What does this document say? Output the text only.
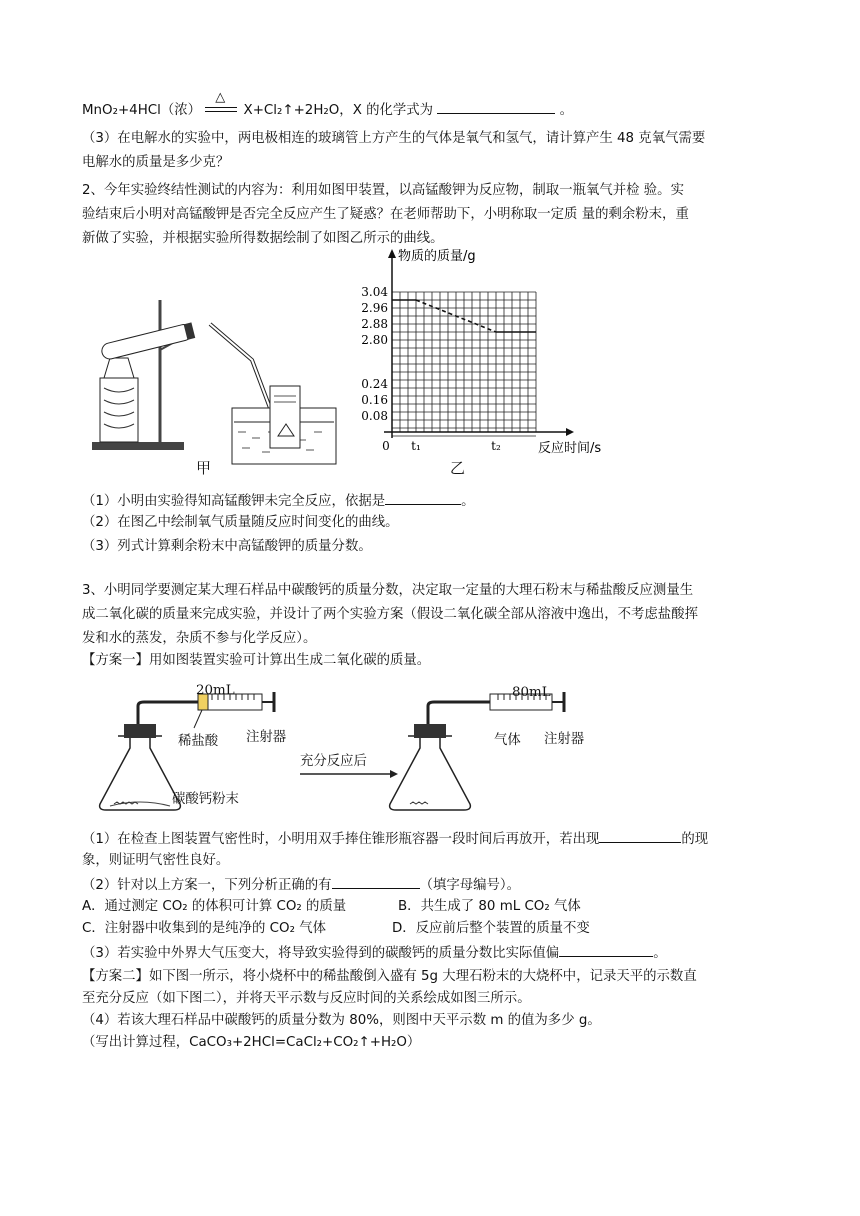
MnO₂+4HCl（浓）
△
X+Cl₂↑+2H₂O，X 的化学式为	。
（3）在电解水的实验中，两电极相连的玻璃管上方产生的气体是氧气和氢气，请计算产生 48 克氧气需要
电解水的质量是多少克？
2、今年实验终结性测试的内容为：利用如图甲装置，以高锰酸钾为反应物，制取一瓶氧气并检 验。实
验结束后小明对高锰酸钾是否完全反应产生了疑惑？在老师帮助下，小明称取一定质 量的剩余粉末，重
新做了实验，并根据实验所得数据绘制了如图乙所示的曲线。
甲
3.04
2.96
2.88
2.80
0.24
0.16
0.08
0 t₁	t₂
物质的质量/g
反应时间/s
乙
（1）小明由实验得知高锰酸钾未完全反应，依据是	。
（2）在图乙中绘制氧气质量随反应时间变化的曲线。
（3）列式计算剩余粉末中高锰酸钾的质量分数。
3、小明同学要测定某大理石样品中碳酸钙的质量分数，决定取一定量的大理石粉末与稀盐酸反应测量生
成二氧化碳的质量来完成实验，并设计了两个实验方案（假设二氧化碳全部从溶液中逸出，不考虑盐酸挥
发和水的蒸发，杂质不参与化学反应）。
【方案一】用如图装置实验可计算出生成二氧化碳的质量。
20mL
稀盐酸 注射器
碳酸钙粉末
充分反应后
80mL
气体 注射器
（1）在检查上图装置气密性时，小明用双手捧住锥形瓶容器一段时间后再放开，若出现	的现
象，则证明气密性良好。
（2）针对以上方案一，下列分析正确的有	（填字母编号）。
A．通过测定 CO₂ 的体积可计算 CO₂ 的质量	B．共生成了 80 mL CO₂ 气体
C．注射器中收集到的是纯净的 CO₂ 气体	D．反应前后整个装置的质量不变
（3）若实验中外界大气压变大，将导致实验得到的碳酸钙的质量分数比实际值偏	。
【方案二】如下图一所示，将小烧杯中的稀盐酸倒入盛有 5g 大理石粉末的大烧杯中，记录天平的示数直
至充分反应（如下图二），并将天平示数与反应时间的关系绘成如图三所示。
（4）若该大理石样品中碳酸钙的质量分数为 80%，则图中天平示数 m 的值为多少 g。
（写出计算过程，CaCO₃+2HCl=CaCl₂+CO₂↑+H₂O）
